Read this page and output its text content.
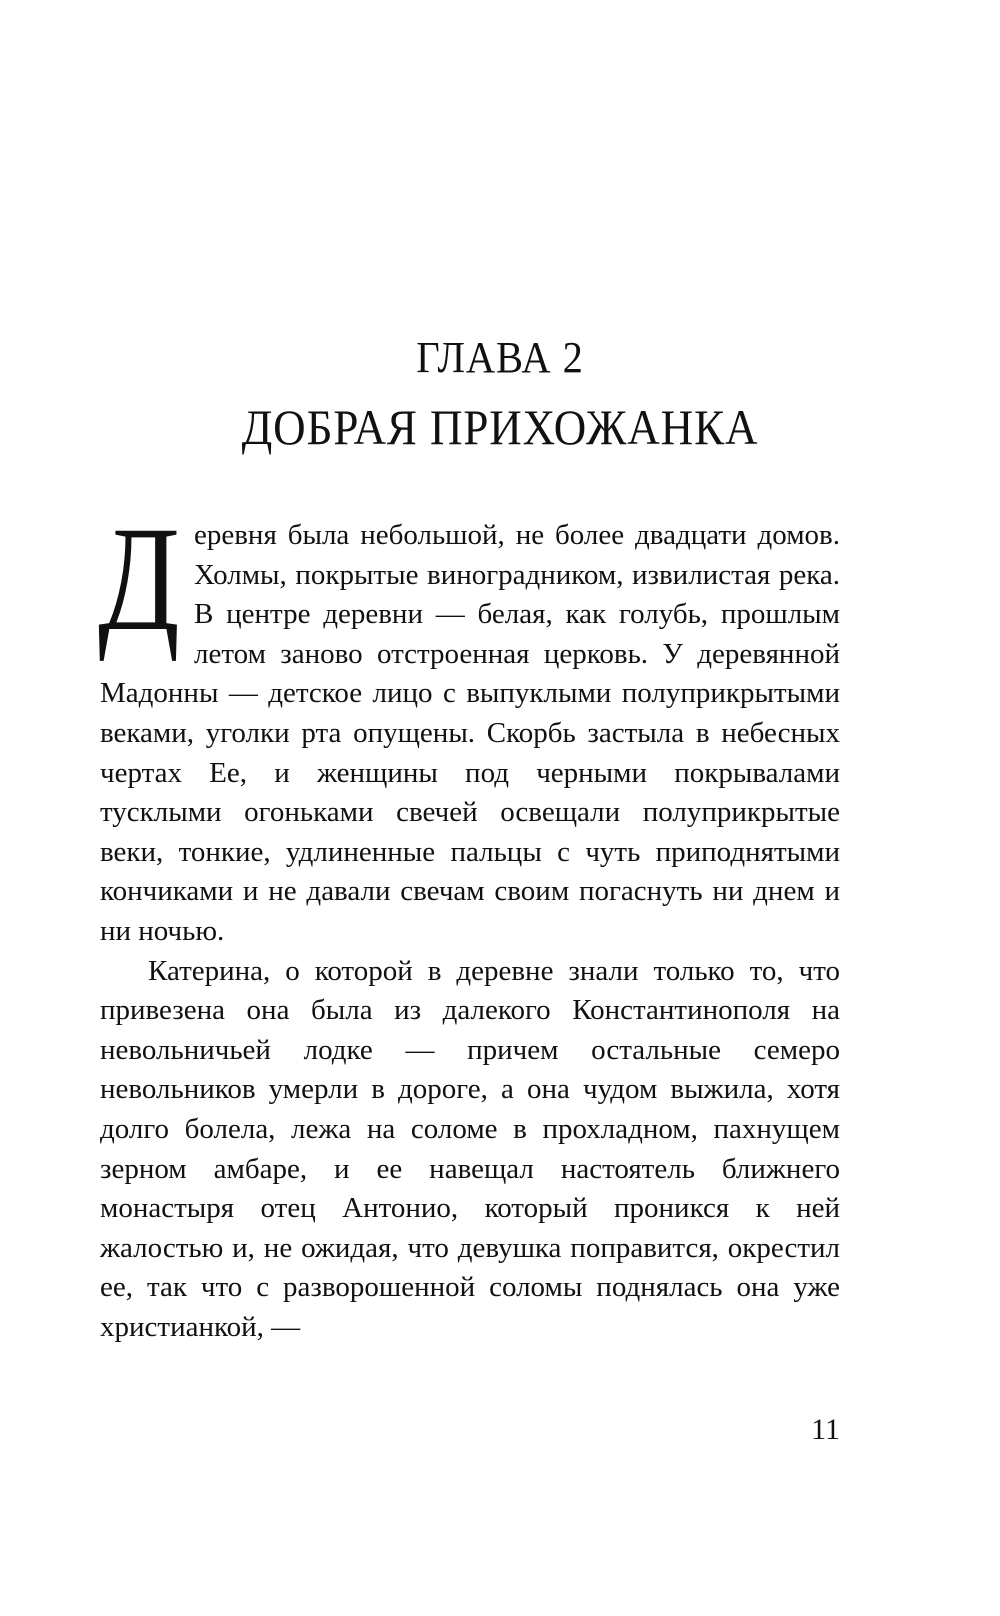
ГЛАВА 2
ДОБРАЯ ПРИХОЖАНКА

Деревня была небольшой, не более двадцати домов. Холмы, покрытые виноградником, извилистая река. В центре деревни — белая, как голубь, прошлым летом заново отстроенная церковь. У деревянной Мадонны — детское лицо с выпуклыми полуприкрытыми веками, уголки рта опущены. Скорбь застыла в небесных чертах Ее, и женщины под черными покрывалами тусклыми огоньками свечей освещали полуприкрытые веки, тонкие, удлиненные пальцы с чуть приподнятыми кончиками и не давали свечам своим погаснуть ни днем и ни ночью.

Катерина, о которой в деревне знали только то, что привезена она была из далекого Константинополя на невольничьей лодке — причем остальные семеро невольников умерли в дороге, а она чудом выжила, хотя долго болела, лежа на соломе в прохладном, пахнущем зерном амбаре, и ее навещал настоятель ближнего монастыря отец Антонио, который проникся к ней жалостью и, не ожидая, что девушка поправится, окрестил ее, так что с разворошенной соломы поднялась она уже христианкой, —

11
